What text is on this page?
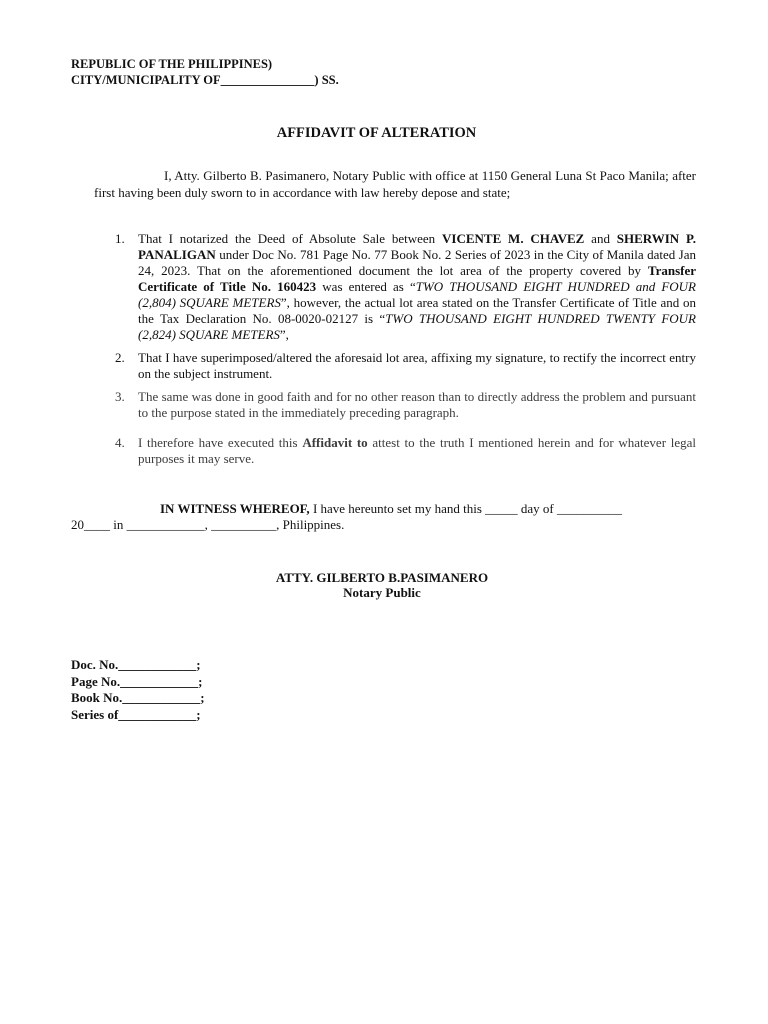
REPUBLIC OF THE PHILIPPINES)
CITY/MUNICIPALITY OF_______________) SS.
AFFIDAVIT OF ALTERATION
I, Atty. Gilberto B. Pasimanero, Notary Public with office at 1150 General Luna St Paco Manila; after first having been duly sworn to in accordance with law hereby depose and state;
1. That I notarized the Deed of Absolute Sale between VICENTE M. CHAVEZ and SHERWIN P. PANALIGAN under Doc No. 781 Page No. 77 Book No. 2 Series of 2023 in the City of Manila dated Jan 24, 2023. That on the aforementioned document the lot area of the property covered by Transfer Certificate of Title No. 160423 was entered as “TWO THOUSAND EIGHT HUNDRED and FOUR (2,804) SQUARE METERS”, however, the actual lot area stated on the Transfer Certificate of Title and on the Tax Declaration No. 08-0020-02127 is “TWO THOUSAND EIGHT HUNDRED TWENTY FOUR (2,824) SQUARE METERS”,
2. That I have superimposed/altered the aforesaid lot area, affixing my signature, to rectify the incorrect entry on the subject instrument.
3. The same was done in good faith and for no other reason than to directly address the problem and pursuant to the purpose stated in the immediately preceding paragraph.
4. I therefore have executed this Affidavit to attest to the truth I mentioned herein and for whatever legal purposes it may serve.
IN WITNESS WHEREOF, I have hereunto set my hand this _____ day of __________
20____ in ____________, __________, Philippines.
ATTY. GILBERTO B.PASIMANERO
Notary Public
Doc. No.____________;
Page No.____________;
Book No.____________;
Series of____________;
